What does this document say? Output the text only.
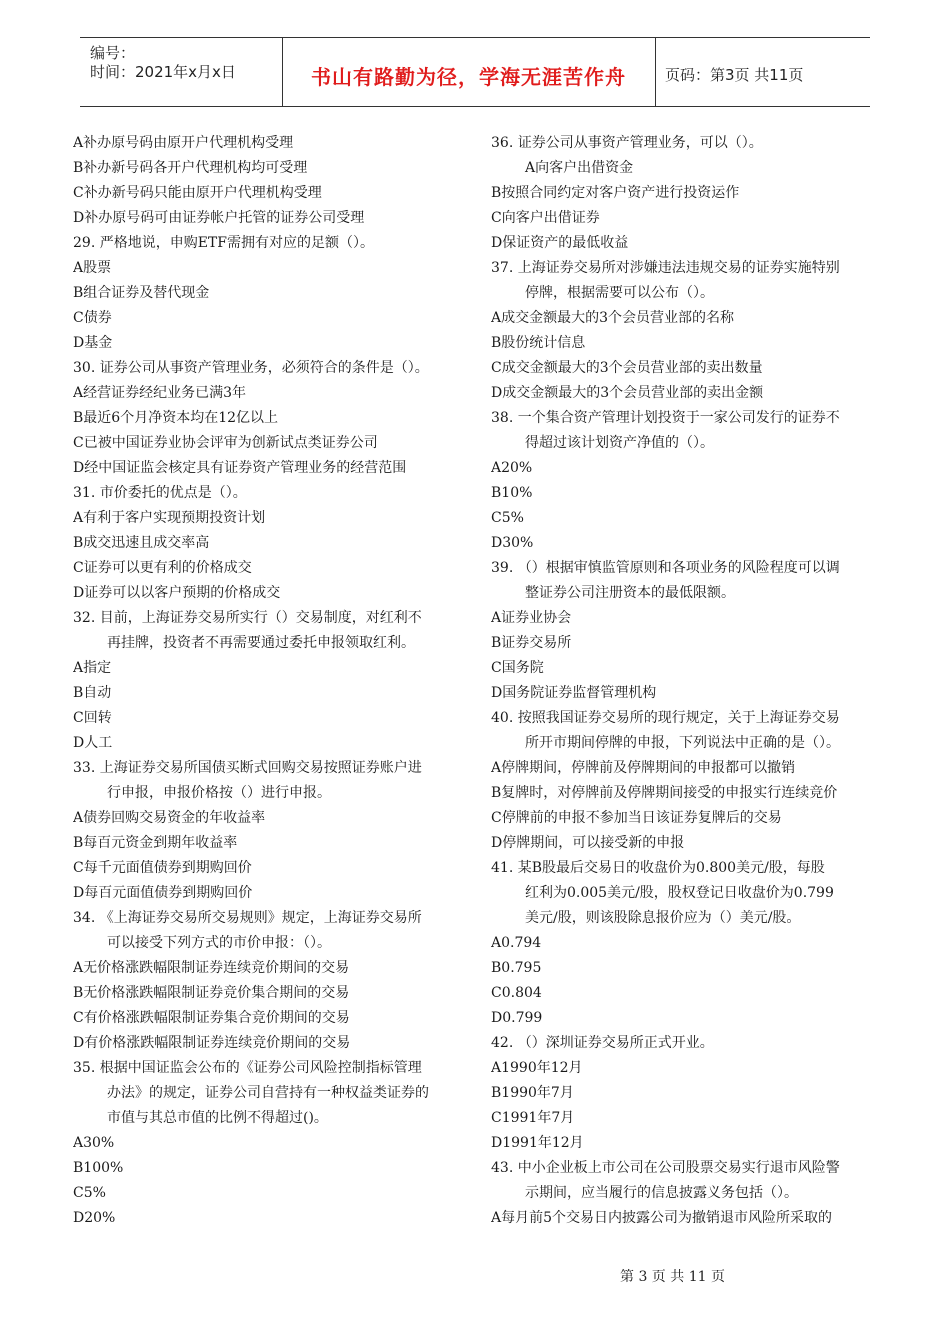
编号：
时间：2021年x月x日	书山有路勤为径，学海无涯苦作舟	页码：第3页 共11页
A补办原号码由原开户代理机构受理
B补办新号码各开户代理机构均可受理
C补办新号码只能由原开户代理机构受理
D补办原号码可由证券帐户托管的证券公司受理
29. 严格地说，申购ETF需拥有对应的足额（）。
A股票
B组合证券及替代现金
C债券
D基金
30. 证券公司从事资产管理业务，必须符合的条件是（）。
A经营证券经纪业务已满3年
B最近6个月净资本均在12亿以上
C已被中国证券业协会评审为创新试点类证券公司
D经中国证监会核定具有证券资产管理业务的经营范围
31. 市价委托的优点是（）。
A有利于客户实现预期投资计划
B成交迅速且成交率高
C证券可以更有利的价格成交
D证券可以以客户预期的价格成交
32. 目前，上海证券交易所实行（）交易制度，对红利不
再挂牌，投资者不再需要通过委托申报领取红利。
A指定
B自动
C回转
D人工
33. 上海证券交易所国债买断式回购交易按照证券账户进
行申报，申报价格按（）进行申报。
A债券回购交易资金的年收益率
B每百元资金到期年收益率
C每千元面值债券到期购回价
D每百元面值债券到期购回价
34. 《上海证券交易所交易规则》规定，上海证券交易所
可以接受下列方式的市价申报：（）。
A无价格涨跌幅限制证券连续竞价期间的交易
B无价格涨跌幅限制证券竞价集合期间的交易
C有价格涨跌幅限制证券集合竞价期间的交易
D有价格涨跌幅限制证券连续竞价期间的交易
35. 根据中国证监会公布的《证券公司风险控制指标管理
办法》的规定，证券公司自营持有一种权益类证券的
市值与其总市值的比例不得超过()。
A30%
B100%
C5%
D20%
36. 证券公司从事资产管理业务，可以（）。
A向客户出借资金
B按照合同约定对客户资产进行投资运作
C向客户出借证券
D保证资产的最低收益
37. 上海证券交易所对涉嫌违法违规交易的证券实施特别
停牌，根据需要可以公布（）。
A成交金额最大的3个会员营业部的名称
B股份统计信息
C成交金额最大的3个会员营业部的卖出数量
D成交金额最大的3个会员营业部的卖出金额
38. 一个集合资产管理计划投资于一家公司发行的证券不
得超过该计划资产净值的（）。
A20%
B10%
C5%
D30%
39. （）根据审慎监管原则和各项业务的风险程度可以调
整证券公司注册资本的最低限额。
A证券业协会
B证券交易所
C国务院
D国务院证券监督管理机构
40. 按照我国证券交易所的现行规定，关于上海证券交易
所开市期间停牌的申报，下列说法中正确的是（）。
A停牌期间，停牌前及停牌期间的申报都可以撤销
B复牌时，对停牌前及停牌期间接受的申报实行连续竞价
C停牌前的申报不参加当日该证券复牌后的交易
D停牌期间，可以接受新的申报
41. 某B股最后交易日的收盘价为0.800美元/股，每股
红利为0.005美元/股，股权登记日收盘价为0.799
美元/股，则该股除息报价应为（）美元/股。
A0.794
B0.795
C0.804
D0.799
42. （）深圳证券交易所正式开业。
A1990年12月
B1990年7月
C1991年7月
D1991年12月
43. 中小企业板上市公司在公司股票交易实行退市风险警
示期间，应当履行的信息披露义务包括（）。
A每月前5个交易日内披露公司为撤销退市风险所采取的
第 3 页 共 11 页
